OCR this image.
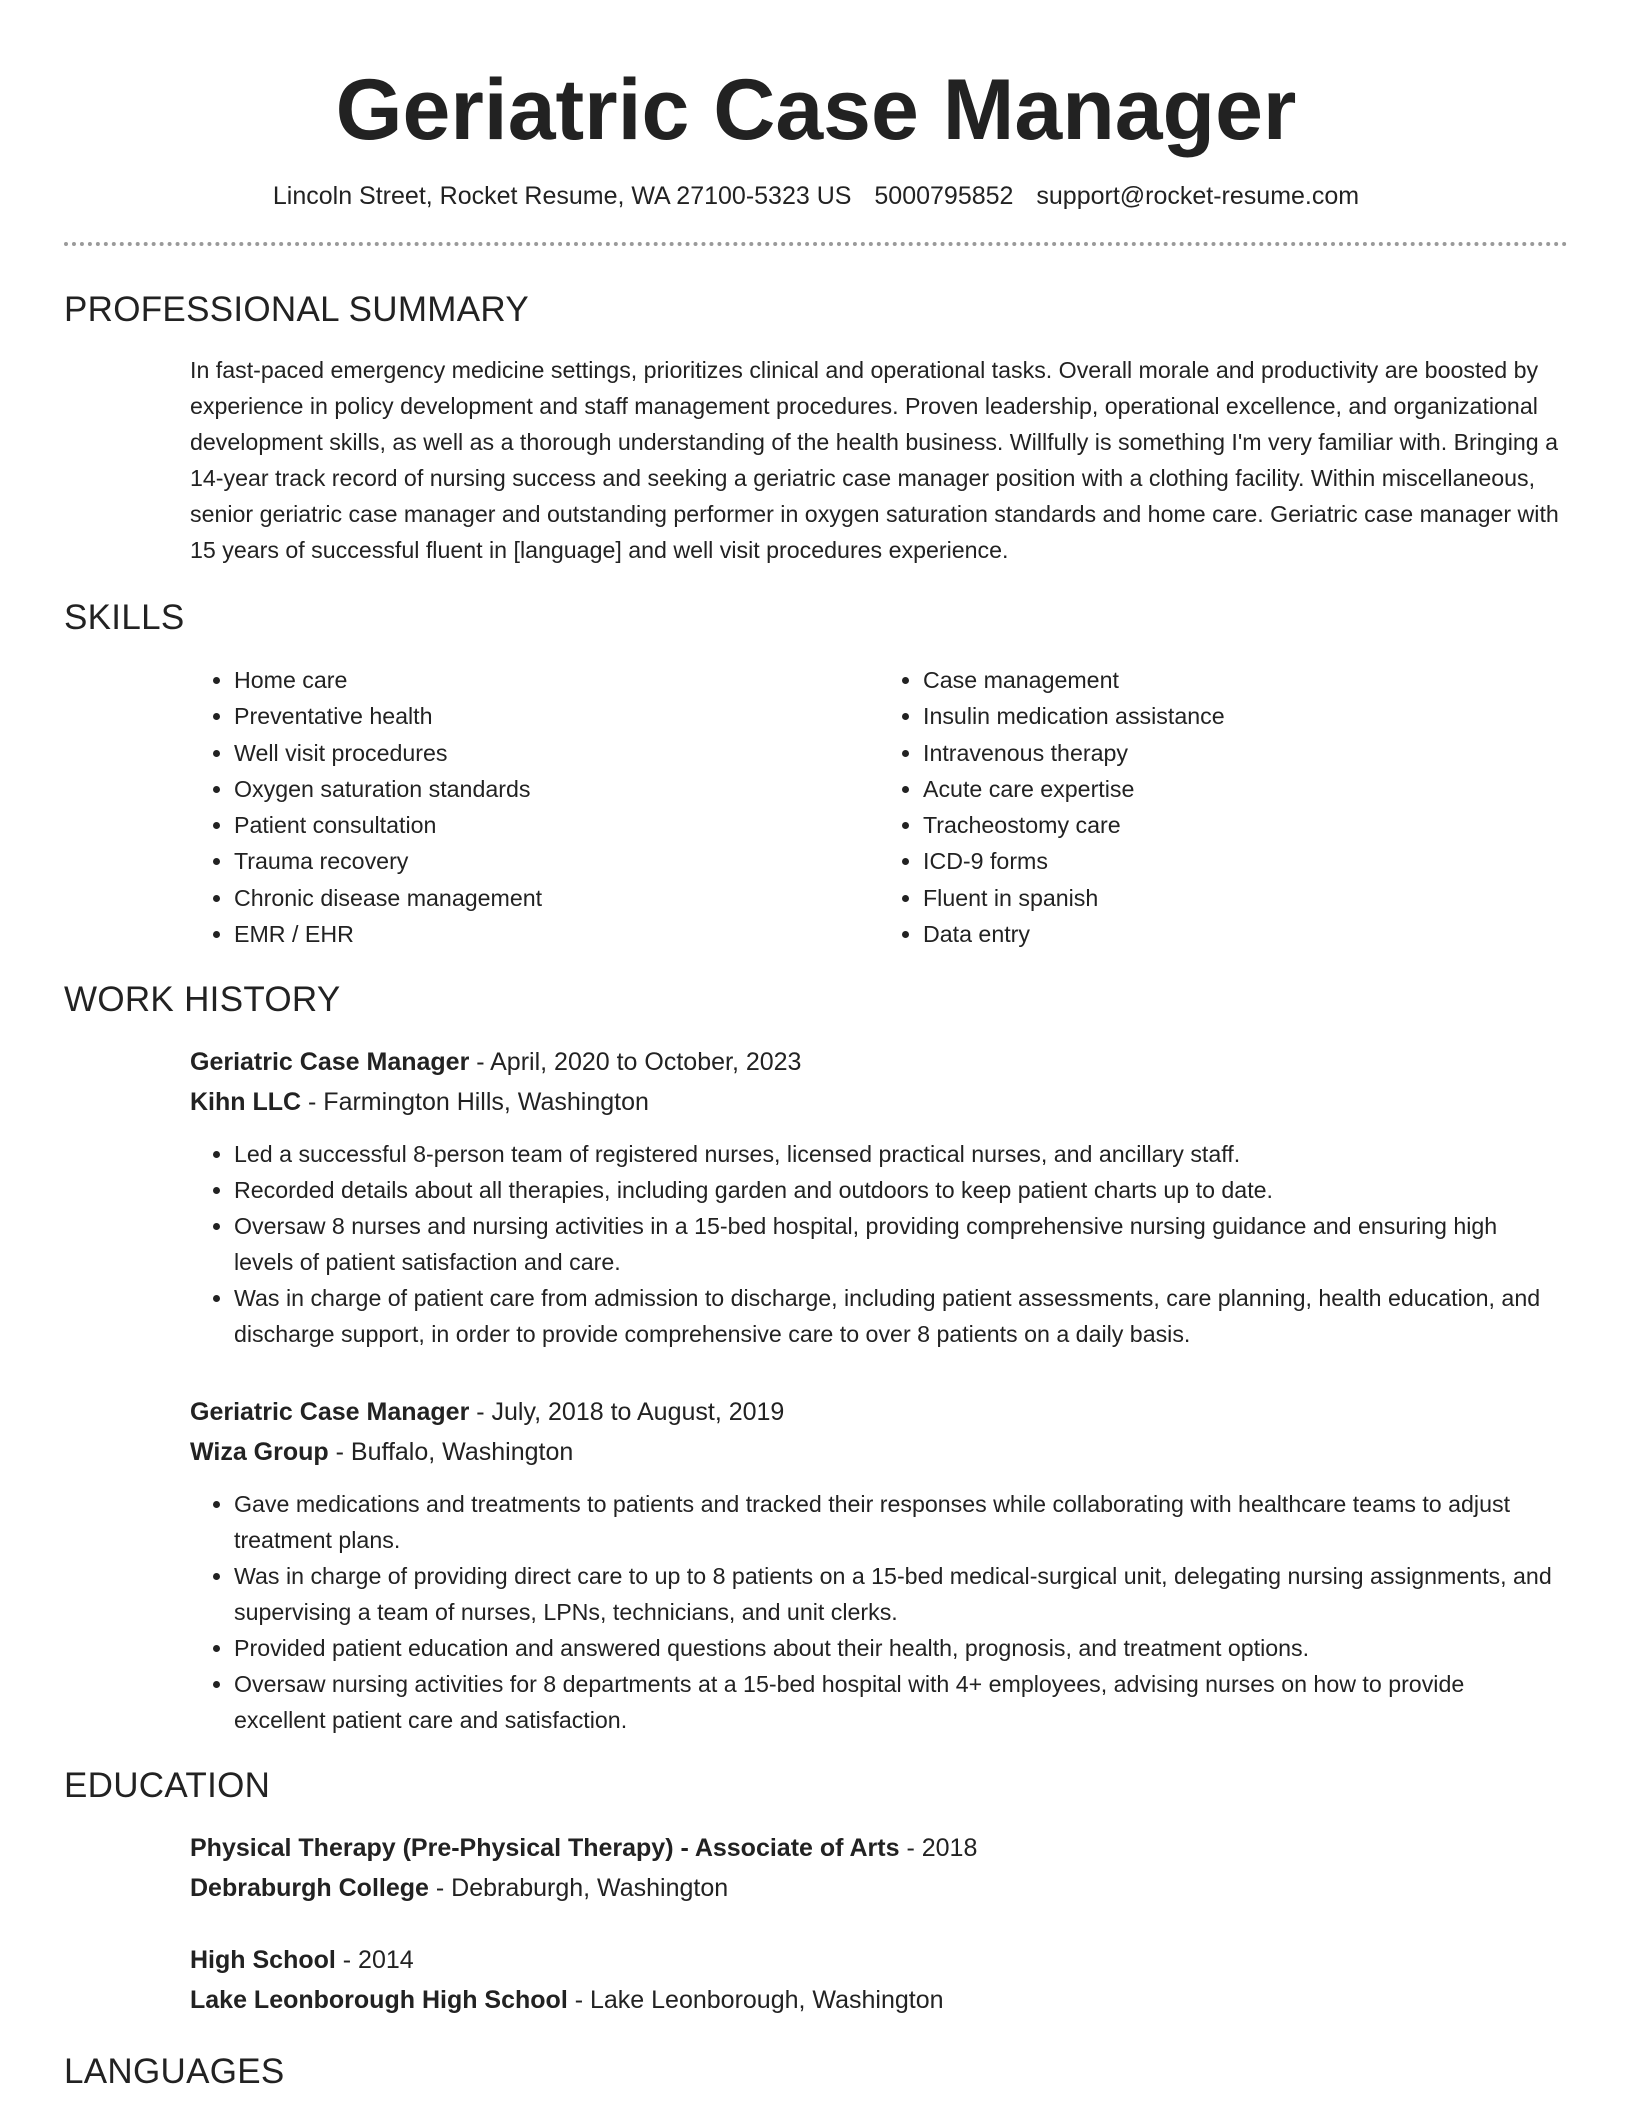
Geriatric Case Manager
Lincoln Street, Rocket Resume, WA 27100-5323 US 5000795852 support@rocket-resume.com
PROFESSIONAL SUMMARY

In fast-paced emergency medicine settings, prioritizes clinical and operational tasks. Overall morale and productivity are boosted by experience in policy development and staff management procedures. Proven leadership, operational excellence, and organizational development skills, as well as a thorough understanding of the health business. Willfully is something I'm very familiar with. Bringing a 14-year track record of nursing success and seeking a geriatric case manager position with a clothing facility. Within miscellaneous, senior geriatric case manager and outstanding performer in oxygen saturation standards and home care. Geriatric case manager with 15 years of successful fluent in [language] and well visit procedures experience.

SKILLS
• Home care
• Preventative health
• Well visit procedures
• Oxygen saturation standards
• Patient consultation
• Trauma recovery
• Chronic disease management
• EMR / EHR
• Case management
• Insulin medication assistance
• Intravenous therapy
• Acute care expertise
• Tracheostomy care
• ICD-9 forms
• Fluent in spanish
• Data entry
WORK HISTORY
Geriatric Case Manager - April, 2020 to October, 2023
Kihn LLC - Farmington Hills, Washington
• Led a successful 8-person team of registered nurses, licensed practical nurses, and ancillary staff.
• Recorded details about all therapies, including garden and outdoors to keep patient charts up to date.
• Oversaw 8 nurses and nursing activities in a 15-bed hospital, providing comprehensive nursing guidance and ensuring high levels of patient satisfaction and care.
• Was in charge of patient care from admission to discharge, including patient assessments, care planning, health education, and discharge support, in order to provide comprehensive care to over 8 patients on a daily basis.
Geriatric Case Manager - July, 2018 to August, 2019
Wiza Group - Buffalo, Washington
• Gave medications and treatments to patients and tracked their responses while collaborating with healthcare teams to adjust treatment plans.
• Was in charge of providing direct care to up to 8 patients on a 15-bed medical-surgical unit, delegating nursing assignments, and supervising a team of nurses, LPNs, technicians, and unit clerks.
• Provided patient education and answered questions about their health, prognosis, and treatment options.
• Oversaw nursing activities for 8 departments at a 15-bed hospital with 4+ employees, advising nurses on how to provide excellent patient care and satisfaction.
EDUCATION
Physical Therapy (Pre-Physical Therapy) - Associate of Arts - 2018
Debraburgh College - Debraburgh, Washington
High School - 2014
Lake Leonborough High School - Lake Leonborough, Washington
LANGUAGES
